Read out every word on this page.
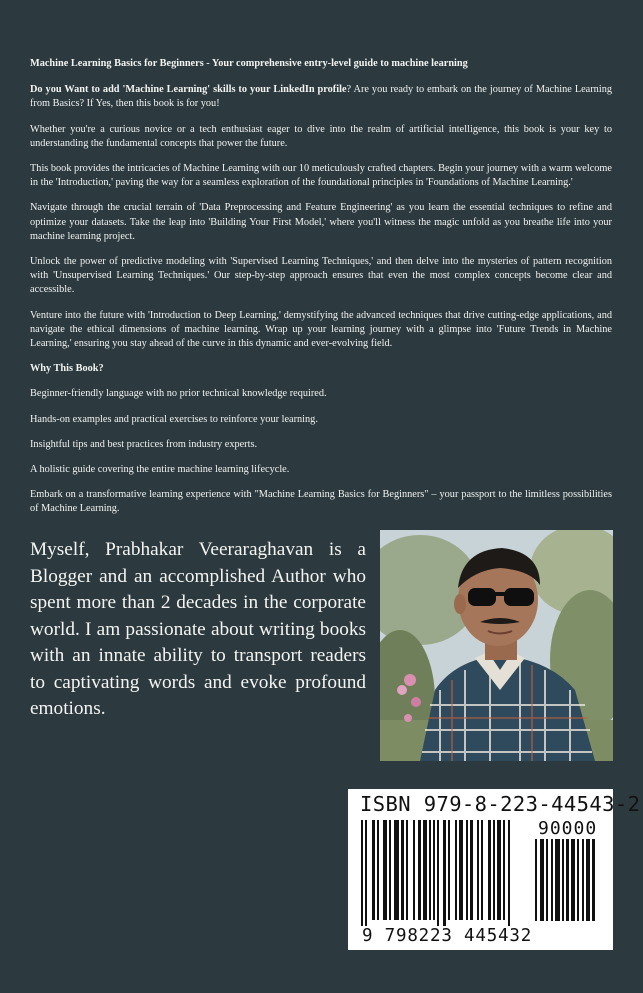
Machine Learning Basics for Beginners - Your comprehensive entry-level guide to machine learning

Do you Want to add 'Machine Learning' skills to your LinkedIn profile? Are you ready to embark on the journey of Machine Learning from Basics? If Yes, then this book is for you!

Whether you're a curious novice or a tech enthusiast eager to dive into the realm of artificial intelligence, this book is your key to understanding the fundamental concepts that power the future.

This book provides the intricacies of Machine Learning with our 10 meticulously crafted chapters. Begin your journey with a warm welcome in the 'Introduction,' paving the way for a seamless exploration of the foundational principles in 'Foundations of Machine Learning.'

Navigate through the crucial terrain of 'Data Preprocessing and Feature Engineering' as you learn the essential techniques to refine and optimize your datasets. Take the leap into 'Building Your First Model,' where you'll witness the magic unfold as you breathe life into your machine learning project.

Unlock the power of predictive modeling with 'Supervised Learning Techniques,' and then delve into the mysteries of pattern recognition with 'Unsupervised Learning Techniques.' Our step-by-step approach ensures that even the most complex concepts become clear and accessible.

Venture into the future with 'Introduction to Deep Learning,' demystifying the advanced techniques that drive cutting-edge applications, and navigate the ethical dimensions of machine learning. Wrap up your learning journey with a glimpse into 'Future Trends in Machine Learning,' ensuring you stay ahead of the curve in this dynamic and ever-evolving field.

Why This Book?

Beginner-friendly language with no prior technical knowledge required.

Hands-on examples and practical exercises to reinforce your learning.

Insightful tips and best practices from industry experts.

A holistic guide covering the entire machine learning lifecycle.

Embark on a transformative learning experience with "Machine Learning Basics for Beginners" – your passport to the limitless possibilities of Machine Learning.

Myself, Prabhakar Veeraraghavan is a Blogger and an accomplished Author who spent more than 2 decades in the corporate world. I am passionate about writing books with an innate ability to transport readers to captivating words and evoke profound emotions.

ISBN 979-8-223-44543-2
90000
9 798223 445432
